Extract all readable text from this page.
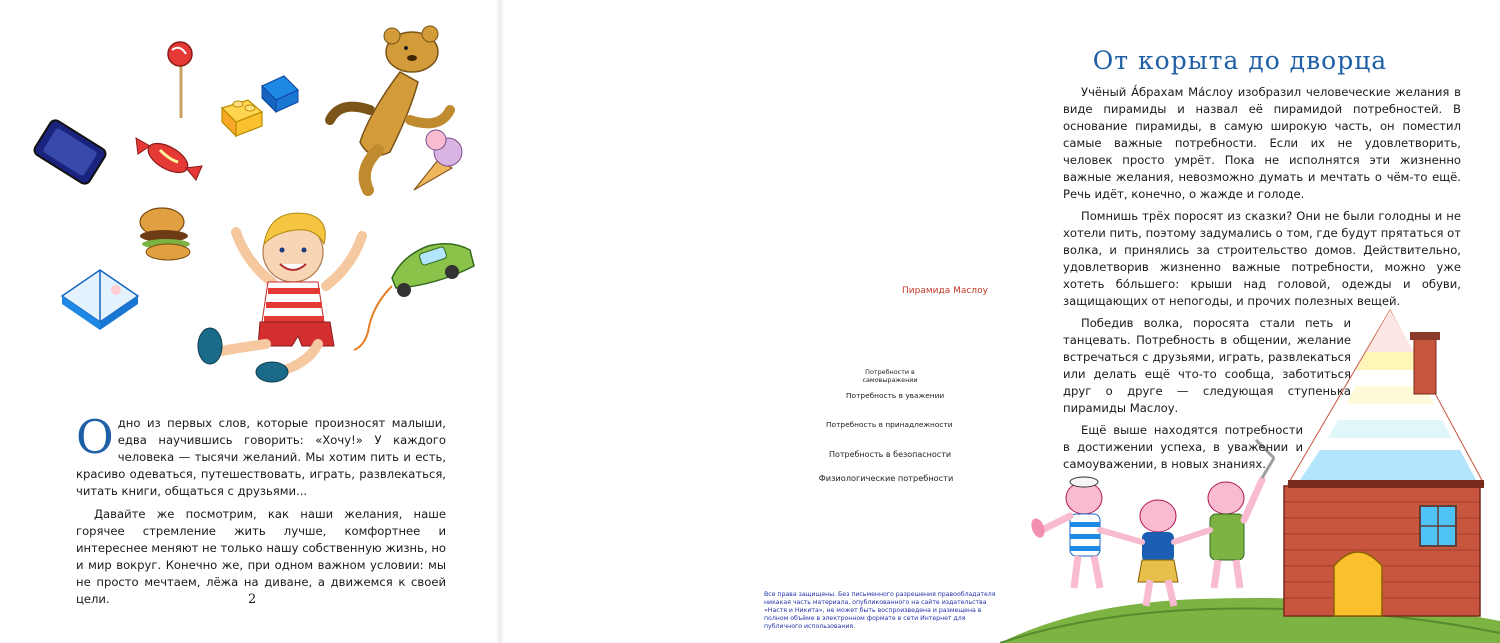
Одно из первых слов, которые произносят малыши, едва научившись говорить: «Хочу!» У каждого человека — тысячи желаний. Мы хотим пить и есть, красиво одеваться, путешествовать, играть, развлекаться, читать книги, общаться с друзьями...

Давайте же посмотрим, как наши желания, наше горячее стремление жить лучше, комфортнее и интереснее меняют не только нашу собственную жизнь, но и мир вокруг. Конечно же, при одном важном условии: мы не просто мечтаем, лёжа на диване, а движемся к своей цели.	2
От корыта до дворца

Учёный А́брахам Ма́слоу изобразил человеческие желания в виде пирамиды и назвал её пирамидой потребностей. В основание пирамиды, в самую широкую часть, он поместил самые важные потребности. Если их не удовлетворить, человек просто умрёт. Пока не исполнятся эти жизненно важные желания, невозможно думать и мечтать о чём-то ещё. Речь идёт, конечно, о жажде и голоде.

Помнишь трёх поросят из сказки? Они не были голодны и не хотели пить, поэтому задумались о том, где будут прятаться от волка, и принялись за строительство домов. Действительно, удовлетворив жизненно важные потребности, можно уже хотеть бо́льшего: крыши над головой, одежды и обуви, защищающих от непогоды, и прочих полезных вещей.

Победив волка, поросята стали петь и танцевать. Потребность в общении, желание встречаться с друзьями, играть, развлекаться или делать ещё что-то сообща, заботиться друг о друге — следующая ступенька пирамиды Маслоу.

Ещё выше находятся потребности в достижении успеха, в уважении и самоуважении, в новых знаниях.

Пирамида Маслоу
Потребности в самовыражении
Потребность в уважении
Потребность в принадлежности
Потребность в безопасности
Физиологические потребности
Все права защищены. Без письменного разрешения правообладателя никакая часть материала, опубликованного на сайте издательства «Настя и Никита», не может быть воспроизведена и размещена в полном объёме в электронном формате в сети Интернет для публичного использования.
